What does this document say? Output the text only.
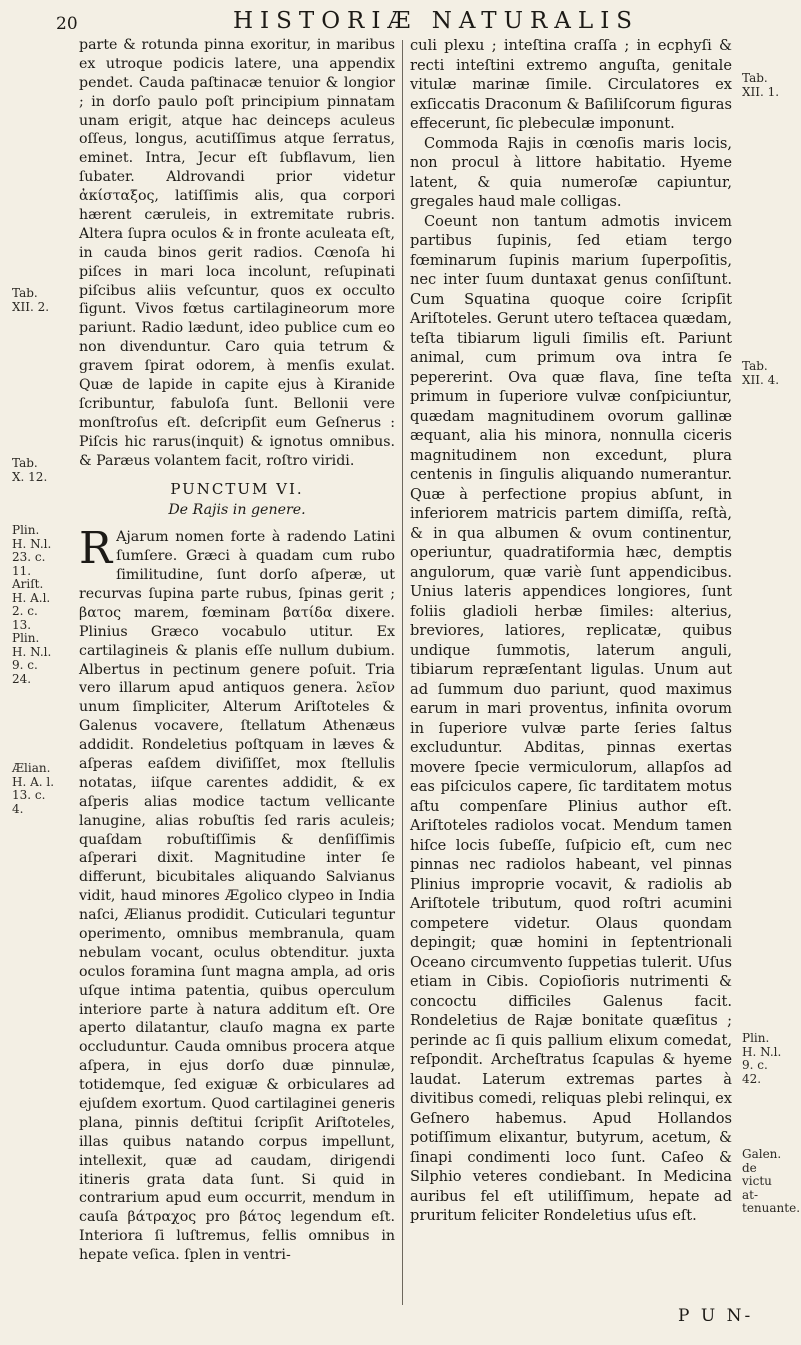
20	HISTORIÆ NATURALIS

parte & rotunda pinna exoritur, in maribus ex utroque podicis latere, una appendix pendet. Cauda paſtinacæ tenuior & longior ; in dorſo paulo poſt principium pinnatam unam erigit, atque hac deinceps aculeus oſſeus, longus, acutiſſimus atque ſerratus, eminet. Intra, Jecur eſt ſubflavum, lien ſubater. Aldrovandi prior videtur ἀκίσταξος, latiſſimis alis, qua corpori hærent cæruleis, in extremitate rubris. Altera ſupra oculos & in fronte aculeata eſt, in cauda binos gerit radios. Cœnoſa hi piſces in mari loca incolunt, reſupinati piſcibus aliis veſcuntur, quos ex occulto ſigunt. Vivos fœtus cartilagineorum more pariunt. Radio lædunt, ideo publice cum eo non divenduntur. Caro quia tetrum & gravem ſpirat odorem, à menſis exulat. Quæ de lapide in capite ejus à Kiranide ſcribuntur, fabuloſa ſunt. Bellonii vere monſtroſus eſt. deſcripſit eum Geſnerus : Piſcis hic rarus(inquit) & ignotus omnibus. & Paræus volantem facit, roſtro viridi.

PUNCTUM VI.
De Rajis in genere.

R Ajarum nomen forte à radendo Latini ſumſere. Græci à quadam cum rubo ſimilitudine, ſunt dorſo aſperæ, ut recurvas ſupina parte rubus, ſpinas gerit ; βατος marem, fœminam βατίδα dixere. Plinius Græco vocabulo utitur. Ex cartilagineis & planis eſſe nullum dubium. Albertus in pectinum genere poſuit. Tria vero illarum apud antiquos genera. λεῖον unum ſimpliciter, Alterum Ariſtoteles & Galenus vocavere, ſtellatum Athenæus addidit. Rondeletius poſtquam in læves & aſperas eaſdem diviſiſſet, mox ſtellulis notatas, iiſque carentes addidit, & ex aſperis alias modice tactum vellicante lanugine, alias robuſtis ſed raris aculeis; quaſdam robuſtiſſimis & denſiſſimis aſperari dixit. Magnitudine inter ſe differunt, bicubitales aliquando Salvianus vidit, haud minores Ægolico clypeo in India naſci, Ælianus prodidit. Cuticulari teguntur operimento, omnibus membranula, quam nebulam vocant, oculus obtenditur. juxta oculos foramina ſunt magna ampla, ad oris uſque intima patentia, quibus operculum interiore parte à natura additum eſt. Ore aperto dilatantur, clauſo magna ex parte occluduntur. Cauda omnibus procera atque aſpera, in ejus dorſo duæ pinnulæ, totidemque, ſed exiguæ & orbiculares ad ejuſdem exortum. Quod cartilaginei generis plana, pinnis deſtitui ſcripſit Ariſtoteles, illas quibus natando corpus impellunt, intellexit, quæ ad caudam, dirigendi itineris grata data ſunt. Si quid in contrarium apud eum occurrit, mendum in cauſa βάτραχος pro βάτος legendum eſt. Interiora ſi luſtremus, fellis omnibus in hepate veſica. ſplen in ventri-

culi plexu ; inteſtina craſſa ; in ecphyſi & recti inteſtini extremo anguſta, genitale vitulæ marinæ ſimile. Circulatores ex exſiccatis Draconum & Baſiliſcorum figuras effecerunt, ſic plebeculæ imponunt.

Commoda Rajis in cœnoſis maris locis, non procul à littore habitatio. Hyeme latent, & quia numeroſæ capiuntur, gregales haud male colligas.

Coeunt non tantum admotis invicem partibus ſupinis, ſed etiam tergo fœminarum ſupinis marium ſuperpoſitis, nec inter ſuum duntaxat genus conſiſtunt. Cum Squatina quoque coire ſcripſit Ariſtoteles. Gerunt utero teſtacea quædam, teſta tibiarum liguli ſimilis eſt. Pariunt animal, cum primum ova intra ſe pepererint. Ova quæ flava, ſine teſta primum in ſuperiore vulvæ conſpiciuntur, quædam magnitudinem ovorum gallinæ æquant, alia his minora, nonnulla ciceris magnitudinem non excedunt, plura centenis in ſingulis aliquando numerantur. Quæ à perfectione propius abſunt, in inferiorem matricis partem dimiſſa, reſtà, & in qua albumen & ovum continentur, operiuntur, quadratiformia hæc, demptis angulorum, quæ variè ſunt appendicibus. Unius lateris appendices longiores, ſunt foliis gladioli herbæ ſimiles: alterius, breviores, latiores, replicatæ, quibus undique ſummotis, laterum anguli, tibiarum repræſentant ligulas. Unum aut ad ſummum duo pariunt, quod maximus earum in mari proventus, infinita ovorum in ſuperiore vulvæ parte ſeries ſaltus excluduntur. Abditas, pinnas exertas movere ſpecie vermiculorum, allapſos ad eas piſciculos capere, ſic tarditatem motus aſtu compenſare Plinius author eſt. Ariſtoteles radiolos vocat. Mendum tamen hiſce locis ſubeſſe, ſuſpicio eſt, cum nec pinnas nec radiolos habeant, vel pinnas Plinius improprie vocavit, & radiolis ab Ariſtotele tributum, quod roſtri acumini competere videtur. Olaus quondam depingit; quæ homini in ſeptentrionali Oceano circumvento ſuppetias tulerit. Uſus etiam in Cibis. Copioſioris nutrimenti & concoctu difficiles Galenus facit. Rondeletius de Rajæ bonitate quæſitus ; perinde ac ſi quis pallium elixum comedat, reſpondit. Archeſtratus ſcapulas & hyeme laudat. Laterum extremas partes à divitibus comedi, reliquas plebi relinqui, ex Geſnero habemus. Apud Hollandos potiſſimum elixantur, butyrum, acetum, & ſinapi condimenti loco ſunt. Caſeo & Silphio veteres condiebant. In Medicina auribus fel eſt utiliſſimum, hepate ad pruritum feliciter Rondeletius uſus eſt.

Tab. XII. 2.
Tab. X. 12.
Plin. H. N.l. 23. c. 11.
Ariſt. H. A.l. 2. c. 13.
Plin. H. N.l. 9. c. 24.
Ælian. H. A. l. 13. c. 4.
Tab. XII. 1.
Tab. XII. 4.
Plin. H. N.l. 9. c. 42.
Galen. de victu at-tenuante.
P U N-
